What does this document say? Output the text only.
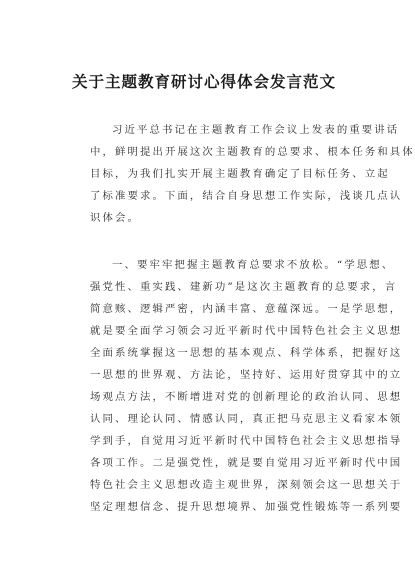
关于主题教育研讨心得体会发言范文
习近平总书记在主题教育工作会议上发表的重要讲话
中，鲜明提出开展这次主题教育的总要求、根本任务和具体
目标，为我们扎实开展主题教育确定了目标任务、立起
了标准要求。下面，结合自身思想工作实际，浅谈几点认
识体会。
一、要牢牢把握主题教育总要求不放松。“学思想、
强党性、重实践、建新功”是这次主题教育的总要求，言
简意赅、逻辑严密，内涵丰富、意蕴深远。一是学思想，
就是要全面学习领会习近平新时代中国特色社会主义思想
全面系统掌握这一思想的基本观点、科学体系，把握好这
一思想的世界观、方法论，坚持好、运用好贯穿其中的立
场观点方法，不断增进对党的创新理论的政治认同、思想
认同、理论认同、情感认同，真正把马克思主义看家本领
学到手，自觉用习近平新时代中国特色社会主义思想指导
各项工作。二是强党性，就是要自觉用习近平新时代中国
特色社会主义思想改造主观世界，深刻领会这一思想关于
坚定理想信念、提升思想境界、加强党性锻炼等一系列要
